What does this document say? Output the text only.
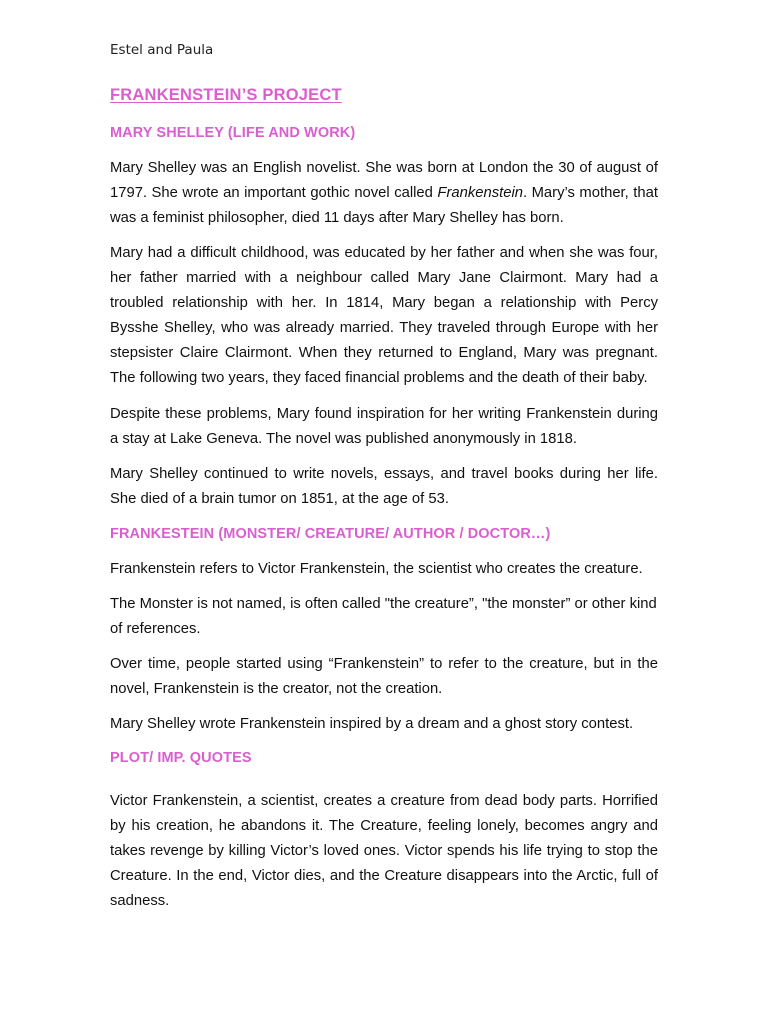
Estel and Paula
FRANKENSTEIN’S PROJECT
MARY SHELLEY (LIFE AND WORK)

Mary Shelley was an English novelist. She was born at London the 30 of august of 1797. She wrote an important gothic novel called Frankenstein. Mary’s mother, that was a feminist philosopher, died 11 days after Mary Shelley has born.

Mary had a difficult childhood, was educated by her father and when she was four, her father married with a neighbour called Mary Jane Clairmont. Mary had a troubled relationship with her. In 1814, Mary began a relationship with Percy Bysshe Shelley, who was already married. They traveled through Europe with her stepsister Claire Clairmont. When they returned to England, Mary was pregnant. The following two years, they faced financial problems and the death of their baby.

Despite these problems, Mary found inspiration for her writing Frankenstein during a stay at Lake Geneva. The novel was published anonymously in 1818.

Mary Shelley continued to write novels, essays, and travel books during her life. She died of a brain tumor on 1851, at the age of 53.

FRANKESTEIN (MONSTER/ CREATURE/ AUTHOR / DOCTOR…)

Frankenstein refers to Victor Frankenstein, the scientist who creates the creature.

The Monster is not named, is often called "the creature”, "the monster” or other kind of references.

Over time, people started using “Frankenstein” to refer to the creature, but in the novel, Frankenstein is the creator, not the creation.

Mary Shelley wrote Frankenstein inspired by a dream and a ghost story contest.

PLOT/ IMP. QUOTES

Victor Frankenstein, a scientist, creates a creature from dead body parts. Horrified by his creation, he abandons it. The Creature, feeling lonely, becomes angry and takes revenge by killing Victor’s loved ones. Victor spends his life trying to stop the Creature. In the end, Victor dies, and the Creature disappears into the Arctic, full of sadness.
